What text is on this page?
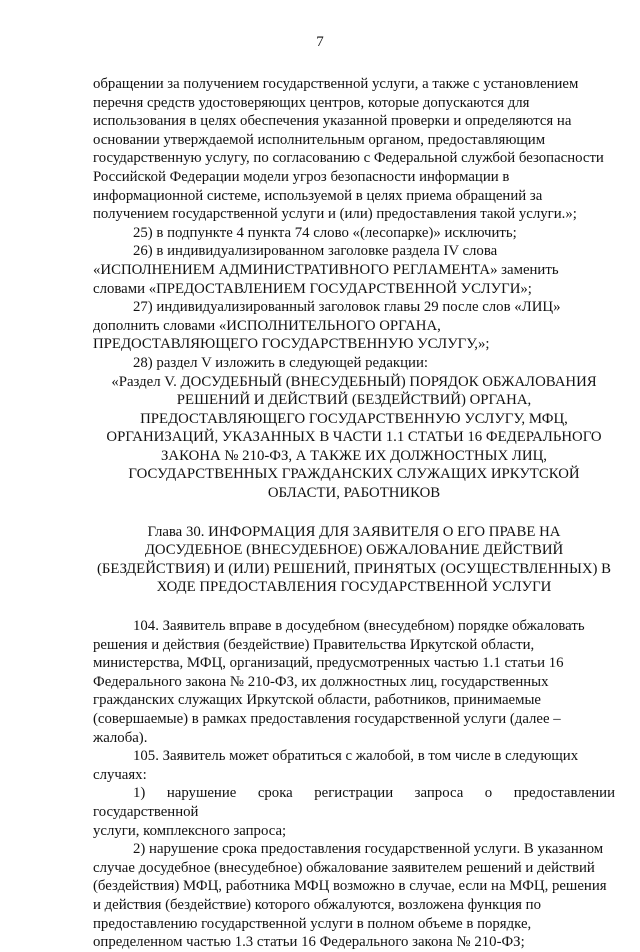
7

обращении за получением государственной услуги, а также с установлением
перечня средств удостоверяющих центров, которые допускаются для
использования в целях обеспечения указанной проверки и определяются на
основании утверждаемой исполнительным органом, предоставляющим
государственную услугу, по согласованию с Федеральной службой безопасности
Российской Федерации модели угроз безопасности информации в
информационной системе, используемой в целях приема обращений за
получением государственной услуги и (или) предоставления такой услуги.»;

25) в подпункте 4 пункта 74 слово «(лесопарке)» исключить;

26) в индивидуализированном заголовке раздела IV слова
«ИСПОЛНЕНИЕМ АДМИНИСТРАТИВНОГО РЕГЛАМЕНТА» заменить
словами «ПРЕДОСТАВЛЕНИЕМ ГОСУДАРСТВЕННОЙ УСЛУГИ»;

27) индивидуализированный заголовок главы 29 после слов «ЛИЦ»
дополнить словами «ИСПОЛНИТЕЛЬНОГО ОРГАНА,
ПРЕДОСТАВЛЯЮЩЕГО ГОСУДАРСТВЕННУЮ УСЛУГУ,»;

28) раздел V изложить в следующей редакции:

«Раздел V. ДОСУДЕБНЫЙ (ВНЕСУДЕБНЫЙ) ПОРЯДОК ОБЖАЛОВАНИЯ
РЕШЕНИЙ И ДЕЙСТВИЙ (БЕЗДЕЙСТВИЙ) ОРГАНА,
ПРЕДОСТАВЛЯЮЩЕГО ГОСУДАРСТВЕННУЮ УСЛУГУ, МФЦ,
ОРГАНИЗАЦИЙ, УКАЗАННЫХ В ЧАСТИ 1.1 СТАТЬИ 16 ФЕДЕРАЛЬНОГО
ЗАКОНА № 210-ФЗ, А ТАКЖЕ ИХ ДОЛЖНОСТНЫХ ЛИЦ,
ГОСУДАРСТВЕННЫХ ГРАЖДАНСКИХ СЛУЖАЩИХ ИРКУТСКОЙ
ОБЛАСТИ, РАБОТНИКОВ

Глава 30. ИНФОРМАЦИЯ ДЛЯ ЗАЯВИТЕЛЯ О ЕГО ПРАВЕ НА
ДОСУДЕБНОЕ (ВНЕСУДЕБНОЕ) ОБЖАЛОВАНИЕ ДЕЙСТВИЙ
(БЕЗДЕЙСТВИЯ) И (ИЛИ) РЕШЕНИЙ, ПРИНЯТЫХ (ОСУЩЕСТВЛЕННЫХ) В
ХОДЕ ПРЕДОСТАВЛЕНИЯ ГОСУДАРСТВЕННОЙ УСЛУГИ

104. Заявитель вправе в досудебном (внесудебном) порядке обжаловать
решения и действия (бездействие) Правительства Иркутской области,
министерства, МФЦ, организаций, предусмотренных частью 1.1 статьи 16
Федерального закона № 210-ФЗ, их должностных лиц, государственных
гражданских служащих Иркутской области, работников, принимаемые
(совершаемые) в рамках предоставления государственной услуги (далее –
жалоба).

105. Заявитель может обратиться с жалобой, в том числе в следующих
случаях:

1) нарушение срока регистрации запроса о предоставлении государственной
услуги, комплексного запроса;

2) нарушение срока предоставления государственной услуги. В указанном
случае досудебное (внесудебное) обжалование заявителем решений и действий
(бездействия) МФЦ, работника МФЦ возможно в случае, если на МФЦ, решения
и действия (бездействие) которого обжалуются, возложена функция по
предоставлению государственной услуги в полном объеме в порядке,
определенном частью 1.3 статьи 16 Федерального закона № 210-ФЗ;
